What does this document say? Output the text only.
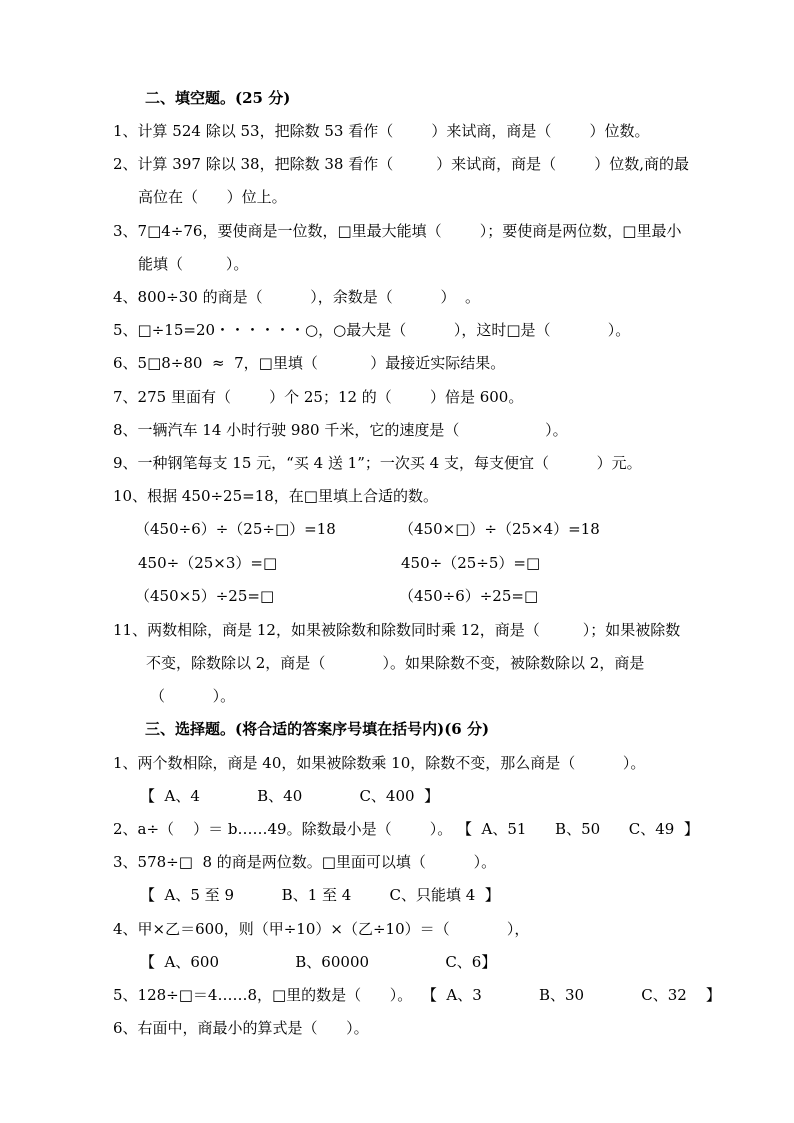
二、填空题。(25 分)
1、计算 524 除以 53，把除数 53 看作（        ）来试商，商是（        ）位数。
2、计算 397 除以 38，把除数 38 看作（         ）来试商，商是（        ）位数,商的最
高位在（      ）位上。
3、7□4÷76，要使商是一位数，□里最大能填（        ）；要使商是两位数，□里最小
能填（         ）。
4、800÷30 的商是（          ），余数是（          ）  。
5、□÷15=20・・・・・・○，○最大是（          ），这时□是（            ）。
6、5□8÷80  ≈  7，□里填（           ）最接近实际结果。
7、275 里面有（        ）个 25；12 的（        ）倍是 600。
8、一辆汽车 14 小时行驶 980 千米，它的速度是（                  ）。
9、一种钢笔每支 15 元，“买 4 送 1”；一次买 4 支，每支便宜（          ）元。
10、根据 450÷25=18，在□里填上合适的数。
（450÷6）÷（25÷□）=18	（450×□）÷（25×4）=18
450÷（25×3）=□	450÷（25÷5）=□
（450×5）÷25=□	（450÷6）÷25=□
11、两数相除，商是 12，如果被除数和除数同时乘 12，商是（         ）；如果被除数
不变，除数除以 2，商是（            ）。如果除数不变，被除数除以 2，商是
（          ）。
三、选择题。(将合适的答案序号填在括号内)(6 分)
1、两个数相除，商是 40，如果被除数乘 10，除数不变，那么商是（          ）。
【  A、4            B、40            C、400  】
2、a÷（    ）＝ b……49。除数最小是（        ）。 【  A、51      B、50      C、49  】
3、578÷□  8 的商是两位数。□里面可以填（          ）。
【  A、5 至 9          B、1 至 4        C、只能填 4  】
4、甲×乙＝600，则（甲÷10）×（乙÷10）＝（            ），
【  A、600                B、60000                C、6】
5、128÷□＝4……8，□里的数是（      ）。  【  A、3            B、30            C、32    】
6、右面中，商最小的算式是（      ）。
